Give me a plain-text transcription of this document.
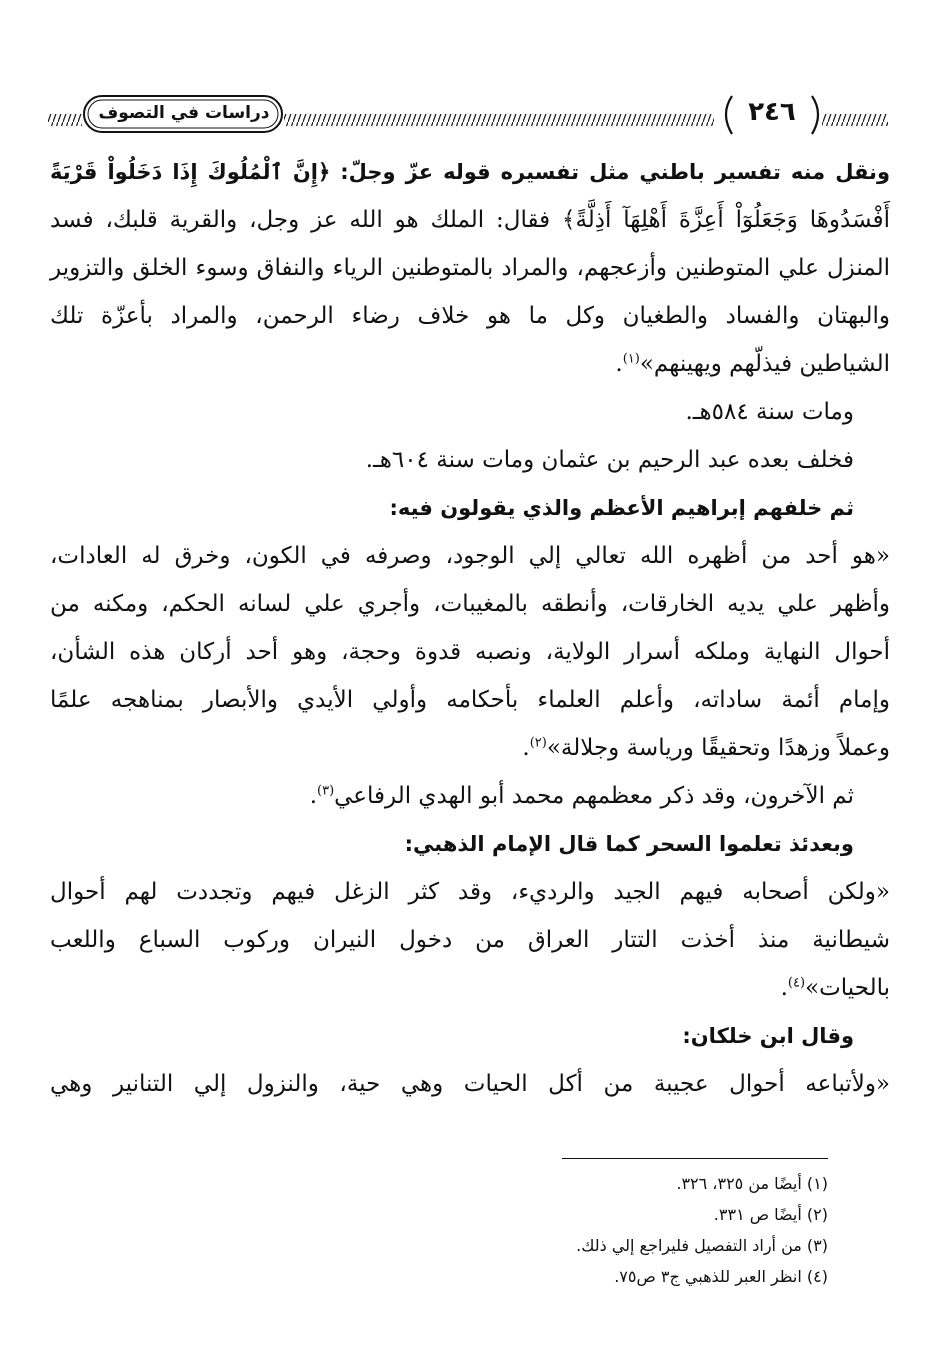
٢٤٦
دراسات في التصوف
ونقل منه تفسير باطني مثل تفسيره قوله عزّ وجلّ: ﴿إِنَّ ٱلْمُلُوكَ إِذَا دَخَلُواْ قَرْيَةً
أَفْسَدُوهَا وَجَعَلُوٓاْ أَعِزَّةَ أَهْلِهَآ أَذِلَّةً﴾ فقال: الملك هو الله عز وجل، والقرية قلبك، فسد
المنزل علي المتوطنين وأزعجهم، والمراد بالمتوطنين الرياء والنفاق وسوء الخلق والتزوير
والبهتان والفساد والطغيان وكل ما هو خلاف رضاء الرحمن، والمراد بأعزّة تلك
الشياطين فيذلّهم ويهينهم»$^{(١)}$.
ومات سنة ٥٨٤هـ.
فخلف بعده عبد الرحيم بن عثمان ومات سنة ٦٠٤هـ.
ثم خلفهم إبراهيم الأعظم والذي يقولون فيه:
«هو أحد من أظهره الله تعالي إلي الوجود، وصرفه في الكون، وخرق له العادات،
وأظهر علي يديه الخارقات، وأنطقه بالمغيبات، وأجري علي لسانه الحكم، ومكنه من
أحوال النهاية وملكه أسرار الولاية، ونصبه قدوة وحجة، وهو أحد أركان هذه الشأن،
وإمام أئمة ساداته، وأعلم العلماء بأحكامه وأولي الأيدي والأبصار بمناهجه علمًا
وعملاً وزهدًا وتحقيقًا ورياسة وجلالة»$^{(٢)}$.
ثم الآخرون، وقد ذكر معظمهم محمد أبو الهدي الرفاعي$^{(٣)}$.
وبعدئذ تعلموا السحر كما قال الإمام الذهبي:
«ولكن أصحابه فيهم الجيد والرديء، وقد كثر الزغل فيهم وتجددت لهم أحوال
شيطانية منذ أخذت التتار العراق من دخول النيران وركوب السباع واللعب
بالحيات»$^{(٤)}$.
وقال ابن خلكان:
«ولأتباعه أحوال عجيبة من أكل الحيات وهي حية، والنزول إلي التنانير وهي
(١) أيضًا من ٣٢٥، ٣٢٦.
(٢) أيضًا ص ٣٣١.
(٣) من أراد التفصيل فليراجع إلي ذلك.
(٤) انظر العبر للذهبي ج٣ ص٧٥.
